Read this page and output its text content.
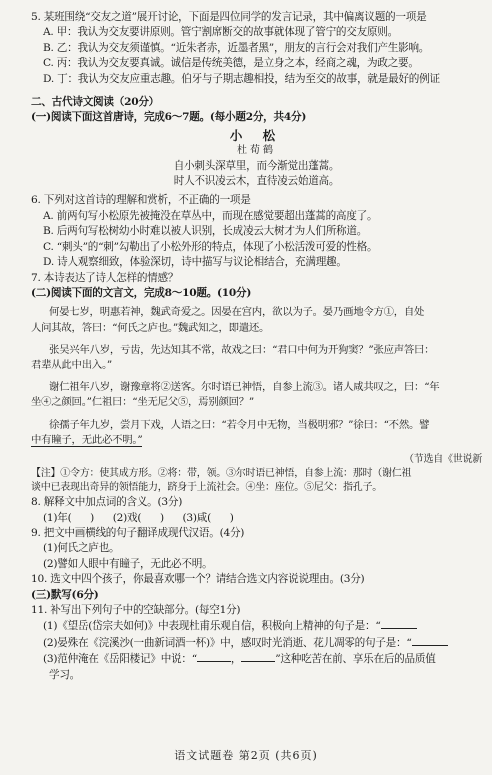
5. 某班围绕“交友之道”展开讨论，下面是四位同学的发言记录，其中偏离议题的一项是
A. 甲：我认为交友要讲原则。管宁割席断交的故事就体现了管宁的交友原则。
B. 乙：我认为交友须谨慎。“近朱者赤，近墨者黑”，朋友的言行会对我们产生影响。
C. 丙：我认为交友要真诚。诚信是传统美德，是立身之本，经商之魂，为政之要。
D. 丁：我认为交友应重志趣。伯牙与子期志趣相投，结为至交的故事，就是最好的例证
二、古代诗文阅读（20分）
(一)阅读下面这首唐诗，完成6～7题。(每小题2分，共4分)
小 松
杜荀鹤
自小刺头深草里，而今渐觉出蓬蒿。
时人不识凌云木，直待凌云始道高。
6. 下列对这首诗的理解和赏析，不正确的一项是
A. 前两句写小松原先被掩没在草丛中，而现在感觉要超出蓬蒿的高度了。
B. 后两句写松树幼小时难以被人识别，长成凌云大树才为人们所称道。
C. “刺头”的“刺”勾勒出了小松外形的特点，体现了小松活泼可爱的性格。
D. 诗人观察细致，体验深切，诗中描写与议论相结合，充满理趣。
7. 本诗表达了诗人怎样的情感？
(二)阅读下面的文言文，完成8～10题。(10分)
何晏七岁，明惠若神，魏武奇爱之。因晏在宫内，欲以为子。晏乃画地令方①，自处
人问其故，答曰：“何氏之庐也。”魏武知之，即遣还。
张吴兴年八岁，亏齿，先达知其不常，故戏之曰：“君口中何为开狗窦？”张应声答曰：
君辈从此中出入。”
谢仁祖年八岁，谢豫章将②送客。尔时语已神悟，自参上流③。诸人咸共叹之，曰：“年
坐④之颜回。”仁祖曰：“坐无尼父⑤，焉别颜回？”
徐孺子年九岁，尝月下戏，人语之曰：“若令月中无物，当极明邪？”徐曰：“不然。譬
中有瞳子，无此必不明。”
（节选自《世说新
【注】①令方：使其成方形。②将：带，领。③尔时语已神悟，自参上流：那时（谢仁祖
谈中已表现出奇异的领悟能力，跻身于上流社会。④坐：座位。⑤尼父：指孔子。
8. 解释文中加点词的含义。(3分)
(1)年(      )      (2)戏(      )      (3)咸(      )
9. 把文中画横线的句子翻译成现代汉语。(4分)
(1)何氏之庐也。
(2)譬如人眼中有瞳子，无此必不明。
10. 选文中四个孩子，你最喜欢哪一个？请结合选文内容说说理由。(3分)
(三)默写(6分)
11. 补写出下列句子中的空缺部分。(每空1分)
(1)《望岳(岱宗夫如何)》中表现杜甫乐观自信，积极向上精神的句子是：“
(2)晏殊在《浣溪沙(一曲新词酒一杯)》中，感叹时光消逝、花儿凋零的句子是：“
(3)范仲淹在《岳阳楼记》中说：“	，	”这种吃苦在前、享乐在后的品质值
学习。
语文试题卷 第2页 (共6页)
